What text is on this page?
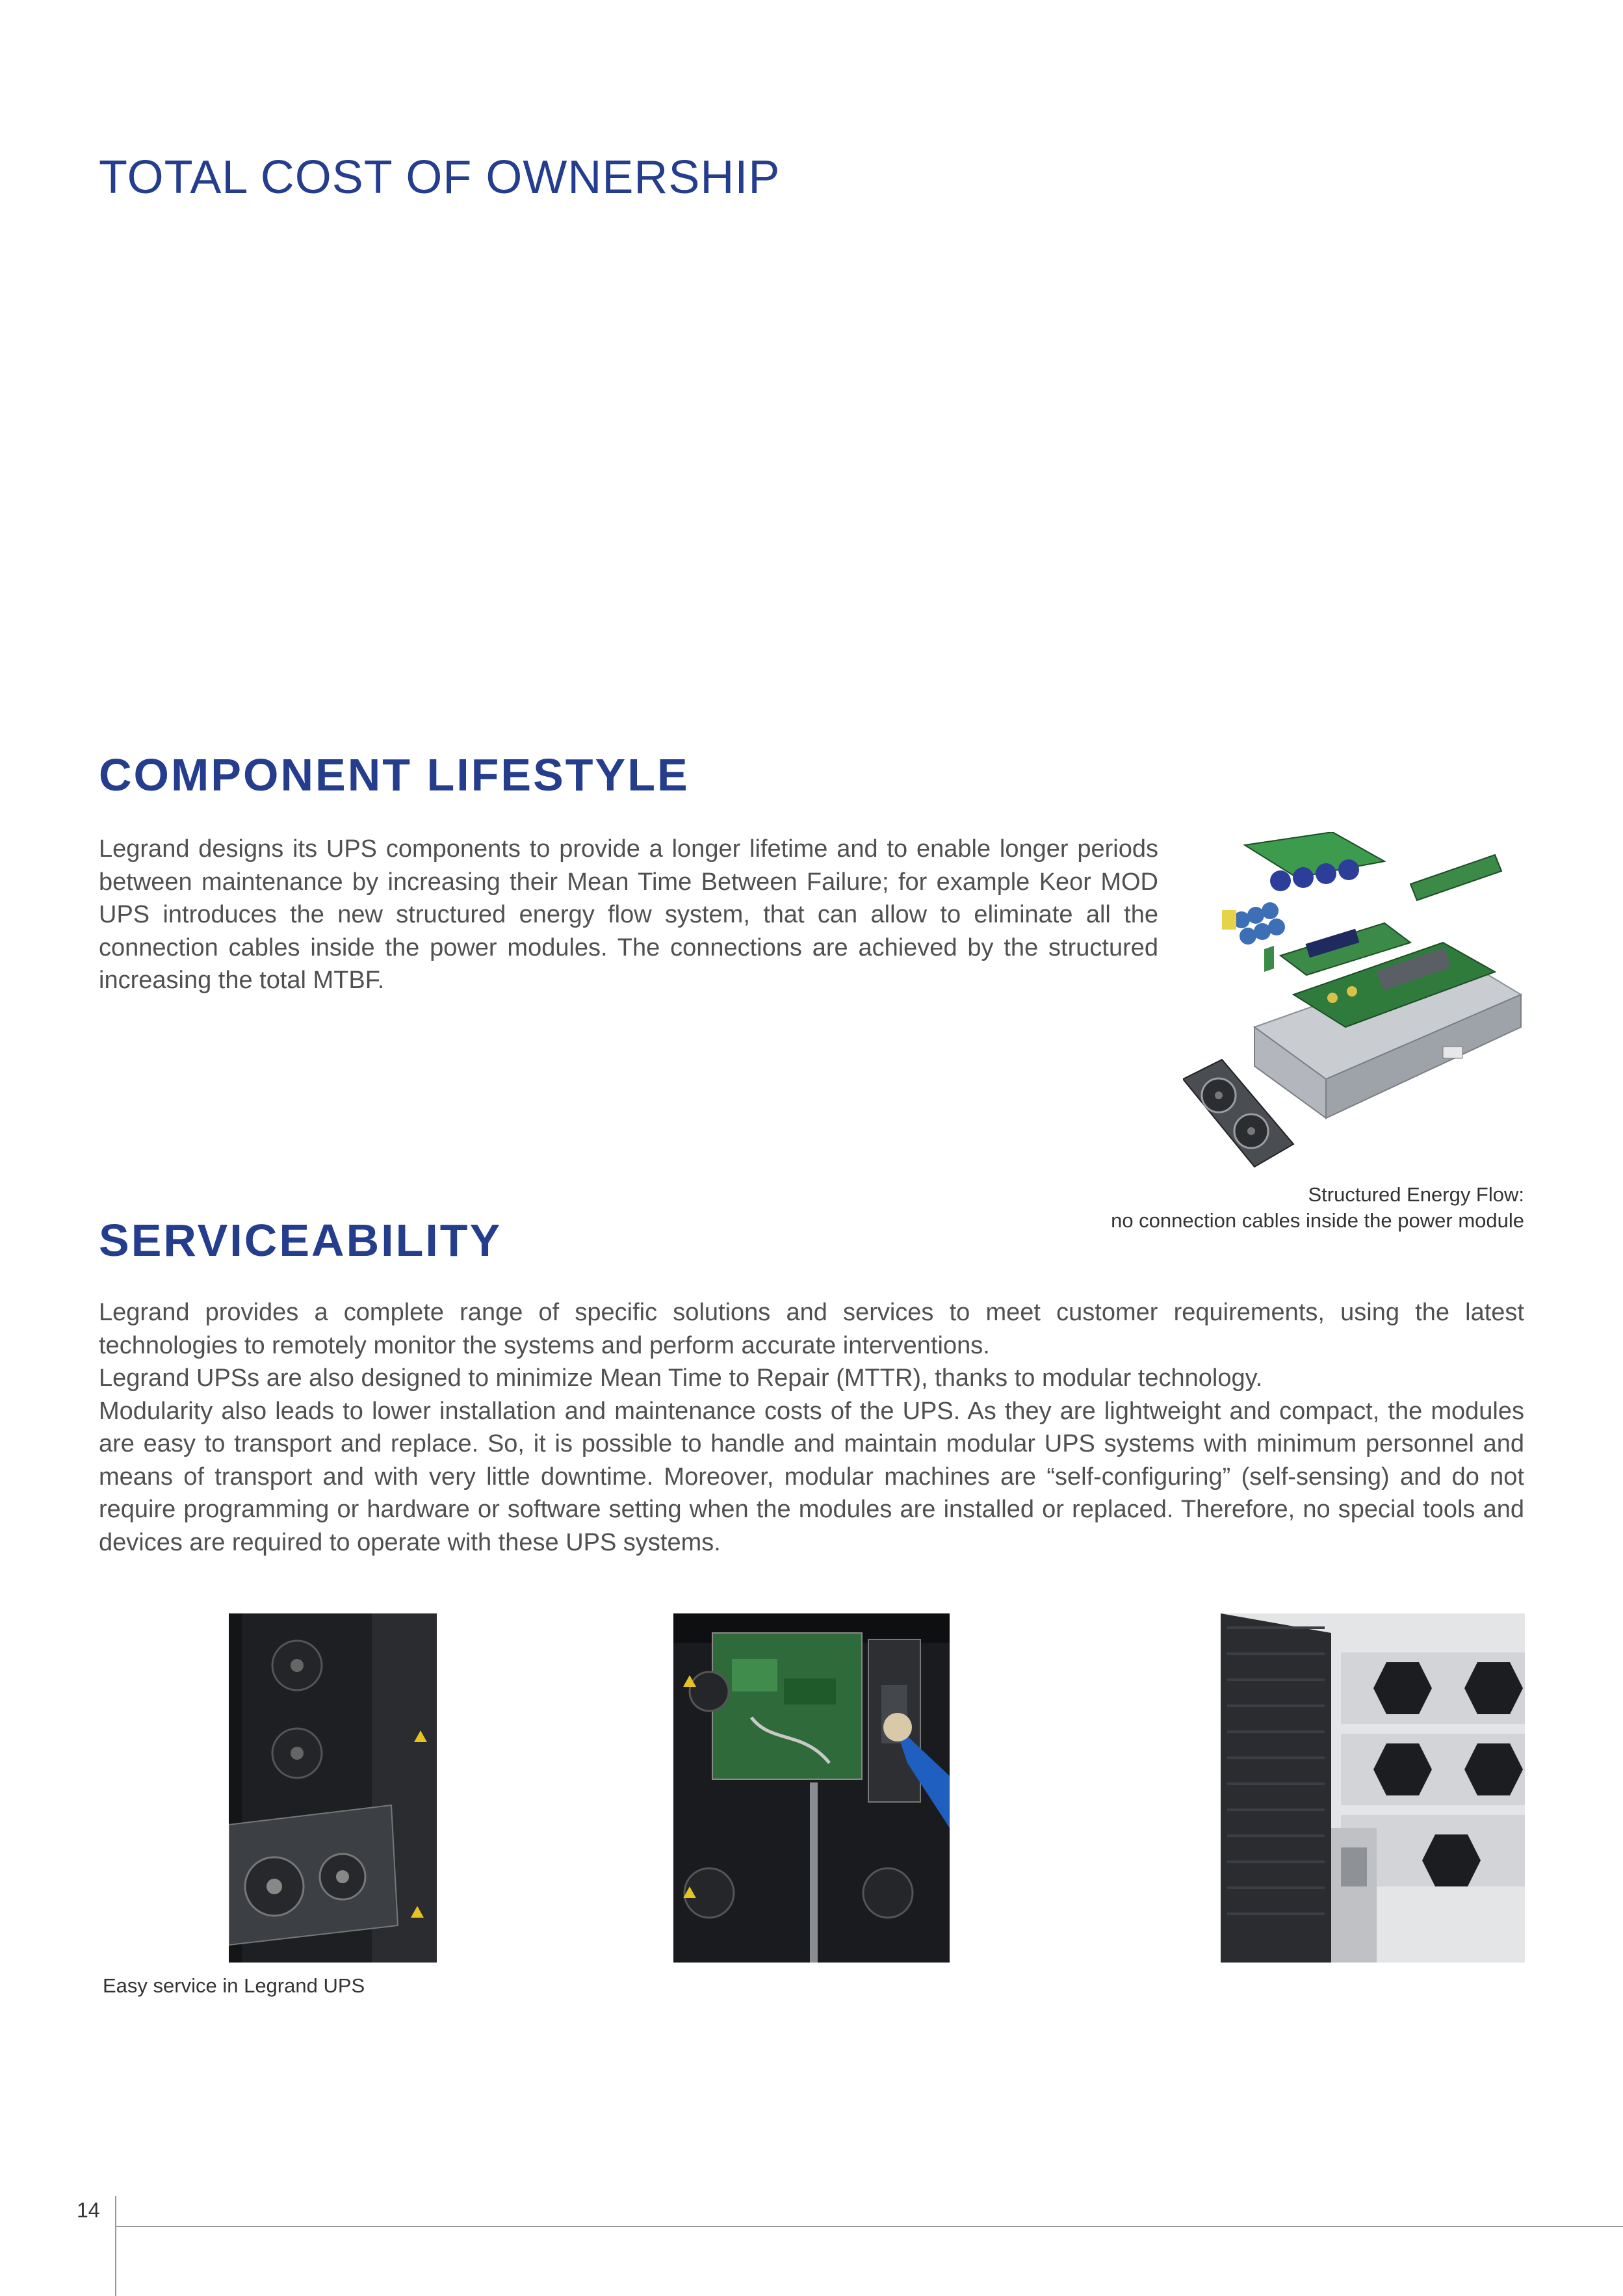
TOTAL COST OF OWNERSHIP
COMPONENT LIFESTYLE

Legrand designs its UPS components to provide a longer lifetime and to enable longer periods between maintenance by increasing their Mean Time Between Failure; for example Keor MOD UPS introduces the new structured energy flow system, that can allow to eliminate all the connection cables inside the power modules. The connections are achieved by the structured increasing the total MTBF.

Structured Energy Flow:
no connection cables inside the power module
SERVICEABILITY

Legrand provides a complete range of specific solutions and services to meet customer requirements, using the latest technologies to remotely monitor the systems and perform accurate interventions.

Legrand UPSs are also designed to minimize Mean Time to Repair (MTTR), thanks to modular technology.

Modularity also leads to lower installation and maintenance costs of the UPS. As they are lightweight and compact, the modules are easy to transport and replace. So, it is possible to handle and maintain modular UPS systems with minimum personnel and means of transport and with very little downtime. Moreover, modular machines are “self-configuring” (self-sensing) and do not require programming or hardware or software setting when the modules are installed or replaced. Therefore, no special tools and devices are required to operate with these UPS systems.

Easy service in Legrand UPS
14
